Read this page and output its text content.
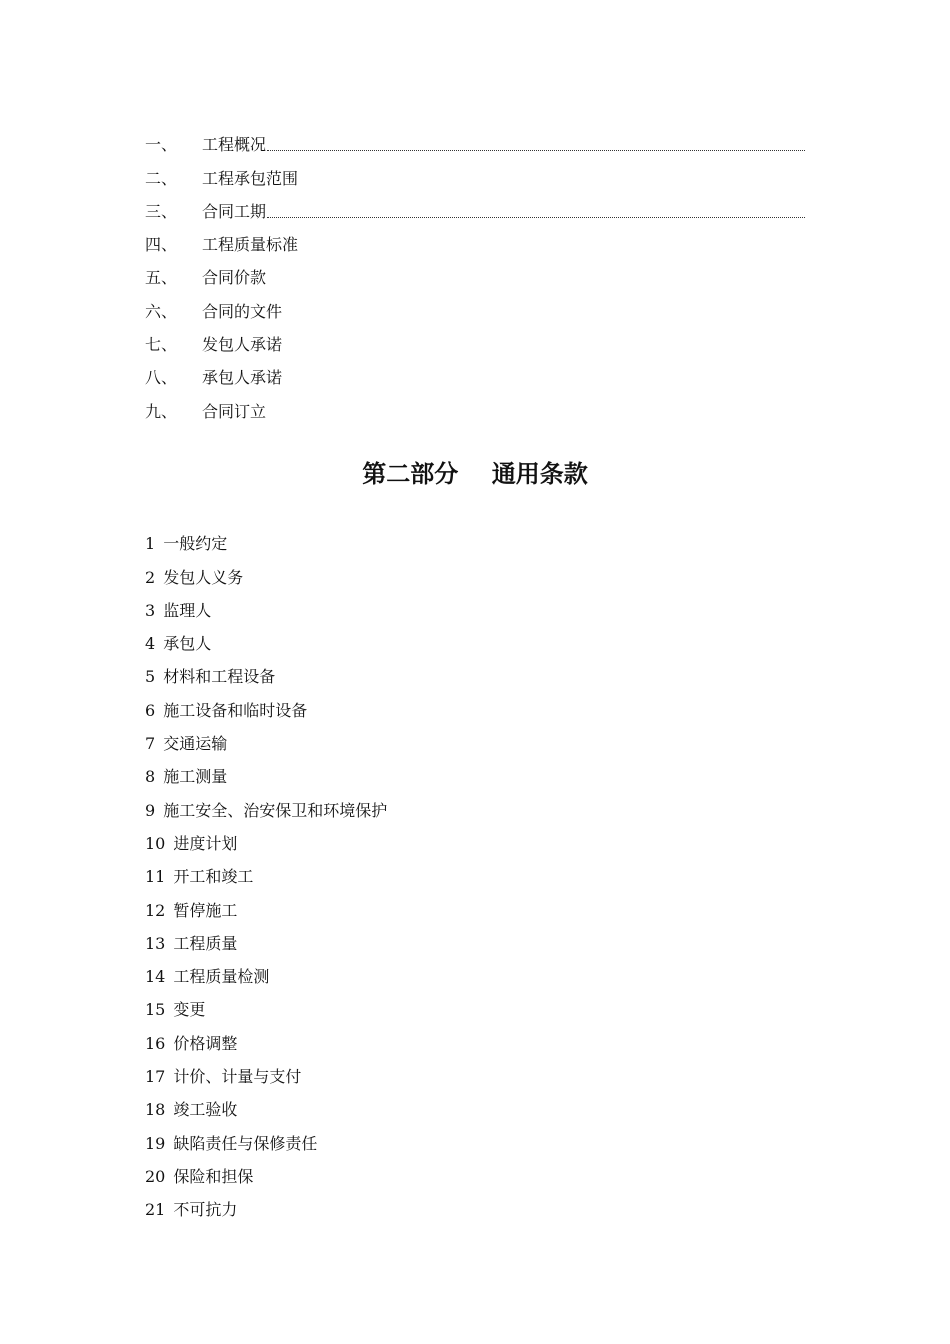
一、	工程概况
二、	工程承包范围
三、	合同工期
四、	工程质量标准
五、	合同价款
六、	合同的文件
七、	发包人承诺
八、	承包人承诺
九、	合同订立
第二部分    通用条款
1 一般约定
2 发包人义务
3 监理人
4 承包人
5 材料和工程设备
6 施工设备和临时设备
7 交通运输
8 施工测量
9 施工安全、治安保卫和环境保护
10 进度计划
11 开工和竣工
12 暂停施工
13 工程质量
14 工程质量检测
15 变更
16 价格调整
17 计价、计量与支付
18 竣工验收
19 缺陷责任与保修责任
20 保险和担保
21 不可抗力
